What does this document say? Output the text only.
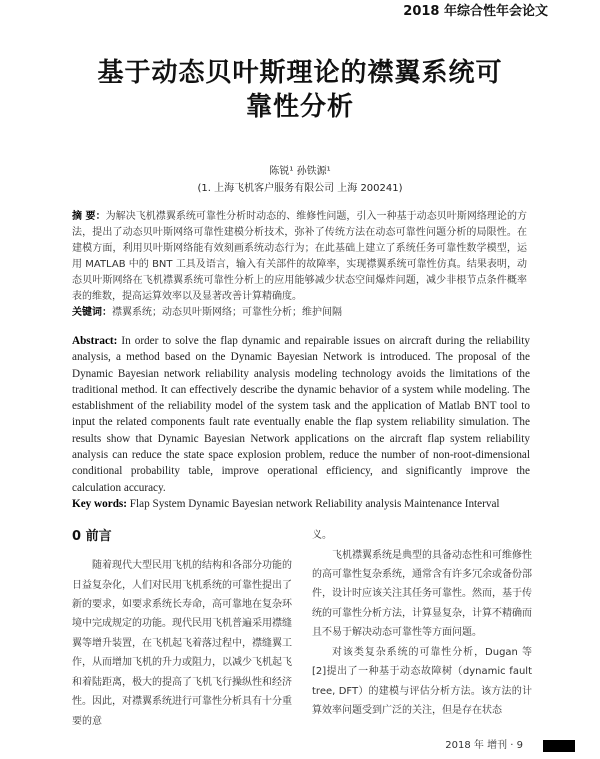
2018 年综合性年会论文
基于动态贝叶斯理论的襟翼系统可
靠性分析
陈锐¹ 孙铁源¹
(1. 上海飞机客户服务有限公司 上海 200241)
摘 要：为解决飞机襟翼系统可靠性分析时动态的、维修性问题，引入一种基于动态贝叶斯网络理论的方法，提出了动态贝叶斯网络可靠性建模分析技术，弥补了传统方法在动态可靠性问题分析的局限性。在建模方面，利用贝叶斯网络能有效刻画系统动态行为；在此基础上建立了系统任务可靠性数学模型，运用 MATLAB 中的 BNT 工具及语言，输入有关部件的故障率，实现襟翼系统可靠性仿真。结果表明，动态贝叶斯网络在飞机襟翼系统可靠性分析上的应用能够减少状态空间爆炸问题，减少非根节点条件概率表的维数，提高运算效率以及显著改善计算精确度。
关键词：襟翼系统；动态贝叶斯网络；可靠性分析；维护间隔
Abstract: In order to solve the flap dynamic and repairable issues on aircraft during the reliability analysis, a method based on the Dynamic Bayesian Network is introduced. The proposal of the Dynamic Bayesian network reliability analysis modeling technology avoids the limitations of the traditional method. It can effectively describe the dynamic behavior of a system while modeling. The establishment of the reliability model of the system task and the application of Matlab BNT tool to input the related components fault rate eventually enable the flap system reliability simulation. The results show that Dynamic Bayesian Network applications on the aircraft flap system reliability analysis can reduce the state space explosion problem, reduce the number of non-root-dimensional conditional probability table, improve operational efficiency, and significantly improve the calculation accuracy.
Key words: Flap System Dynamic Bayesian network Reliability analysis Maintenance Interval
0 前言

随着现代大型民用飞机的结构和各部分功能的日益复杂化，人们对民用飞机系统的可靠性提出了新的要求，如要求系统长寿命，高可靠地在复杂环境中完成规定的功能。现代民用飞机普遍采用襟缝翼等增升装置，在飞机起飞着落过程中，襟缝翼工作，从而增加飞机的升力或阻力，以减少飞机起飞和着陆距离，极大的提高了飞机飞行操纵性和经济性。因此，对襟翼系统进行可靠性分析具有十分重要的意

义。

飞机襟翼系统是典型的具备动态性和可维修性的高可靠性复杂系统，通常含有许多冗余或备份部件，设计时应该关注其任务可靠性。然而，基于传统的可靠性分析方法，计算显复杂，计算不精确而且不易于解决动态可靠性等方面问题。

对该类复杂系统的可靠性分析，Dugan 等[2]提出了一种基于动态故障树（dynamic fault tree, DFT）的建模与评估分析方法。该方法的计算效率问题受到广泛的关注，但是存在状态

2018 年 增刊 · 9
